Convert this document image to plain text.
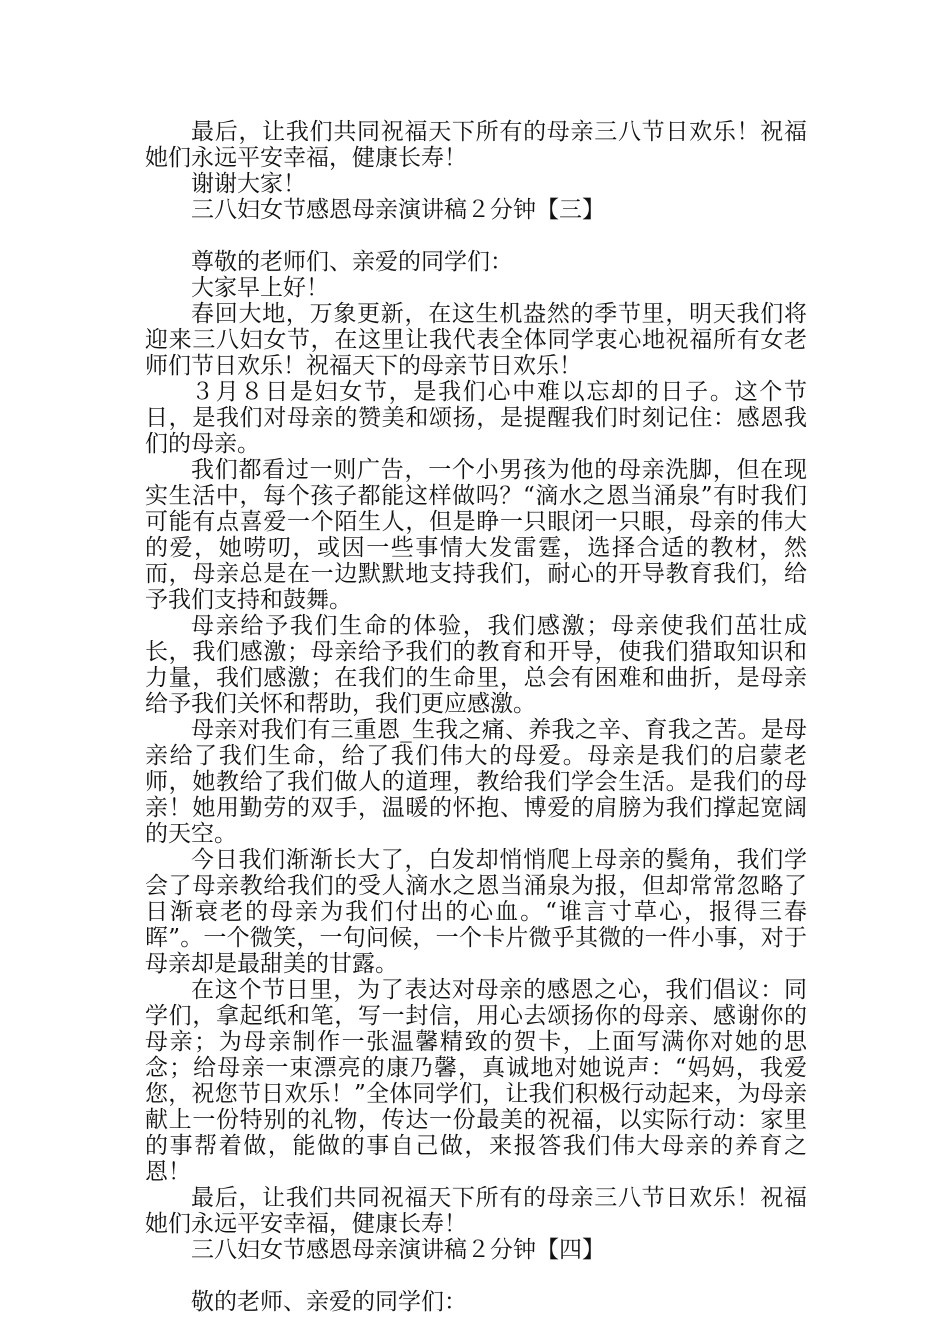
最后，让我们共同祝福天下所有的母亲三八节日欢乐！祝福她们永远平安幸福，健康长寿！

谢谢大家！

三八妇女节感恩母亲演讲稿２分钟【三】

尊敬的老师们、亲爱的同学们：

大家早上好！

春回大地，万象更新，在这生机盎然的季节里，明天我们将迎来三八妇女节，在这里让我代表全体同学衷心地祝福所有女老师们节日欢乐！祝福天下的母亲节日欢乐！

３月８日是妇女节，是我们心中难以忘却的日子。这个节日，是我们对母亲的赞美和颂扬，是提醒我们时刻记住：感恩我们的母亲。

我们都看过一则广告，一个小男孩为他的母亲洗脚，但在现实生活中，每个孩子都能这样做吗？“滴水之恩当涌泉”有时我们可能有点喜爱一个陌生人，但是睁一只眼闭一只眼，母亲的伟大的爱，她唠叨，或因一些事情大发雷霆，选择合适的教材，然而，母亲总是在一边默默地支持我们，耐心的开导教育我们，给予我们支持和鼓舞。

母亲给予我们生命的体验，我们感激；母亲使我们茁壮成长，我们感激；母亲给予我们的教育和开导，使我们猎取知识和力量，我们感激；在我们的生命里，总会有困难和曲折，是母亲给予我们关怀和帮助，我们更应感激。

母亲对我们有三重恩_生我之痛、养我之辛、育我之苦。是母亲给了我们生命，给了我们伟大的母爱。母亲是我们的启蒙老师，她教给了我们做人的道理，教给我们学会生活。是我们的母亲！她用勤劳的双手，温暖的怀抱、博爱的肩膀为我们撑起宽阔的天空。

今日我们渐渐长大了，白发却悄悄爬上母亲的鬓角，我们学会了母亲教给我们的受人滴水之恩当涌泉为报，但却常常忽略了日渐衰老的母亲为我们付出的心血。“谁言寸草心，报得三春晖”。一个微笑，一句问候，一个卡片微乎其微的一件小事，对于母亲却是最甜美的甘露。

在这个节日里，为了表达对母亲的感恩之心，我们倡议：同学们，拿起纸和笔，写一封信，用心去颂扬你的母亲、感谢你的母亲；为母亲制作一张温馨精致的贺卡，上面写满你对她的思念；给母亲一束漂亮的康乃馨，真诚地对她说声：“妈妈，我爱您，祝您节日欢乐！”全体同学们，让我们积极行动起来，为母亲献上一份特别的礼物，传达一份最美的祝福，以实际行动：家里的事帮着做，能做的事自己做，来报答我们伟大母亲的养育之恩！

最后，让我们共同祝福天下所有的母亲三八节日欢乐！祝福她们永远平安幸福，健康长寿！

三八妇女节感恩母亲演讲稿２分钟【四】

敬的老师、亲爱的同学们：
